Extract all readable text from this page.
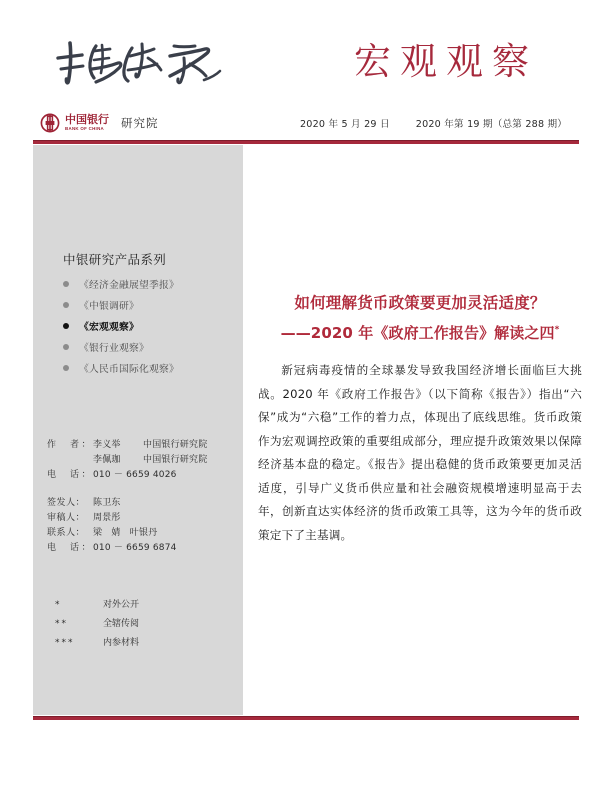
宏观观察
中国银行
BANK OF CHINA	研究院	2020 年 5 月 29 日	2020 年第 19 期（总第 288 期）
中银研究产品系列
《经济金融展望季报》
《中银调研》
《宏观观察》
《银行业观察》
《人民币国际化观察》
作　者： 李义举	中国银行研究院
李佩珈	中国银行研究院
电　话： 010 － 6659 4026
签发人： 陈卫东
审稿人： 周景彤
联系人： 梁　婧　叶银丹
电　话： 010 － 6659 6874
*	对外公开
**	全辖传阅
***	内参材料
如何理解货币政策要更加灵活适度？
——2020 年《政府工作报告》解读之四*
新冠病毒疫情的全球暴发导致我国经济增长面临巨大挑战。2020 年《政府工作报告》（以下简称《报告》）指出“六保”成为“六稳”工作的着力点，体现出了底线思维。货币政策作为宏观调控政策的重要组成部分，理应提升政策效果以保障经济基本盘的稳定。《报告》提出稳健的货币政策要更加灵活适度，引导广义货币供应量和社会融资规模增速明显高于去年，创新直达实体经济的货币政策工具等，这为今年的货币政策定下了主基调。
